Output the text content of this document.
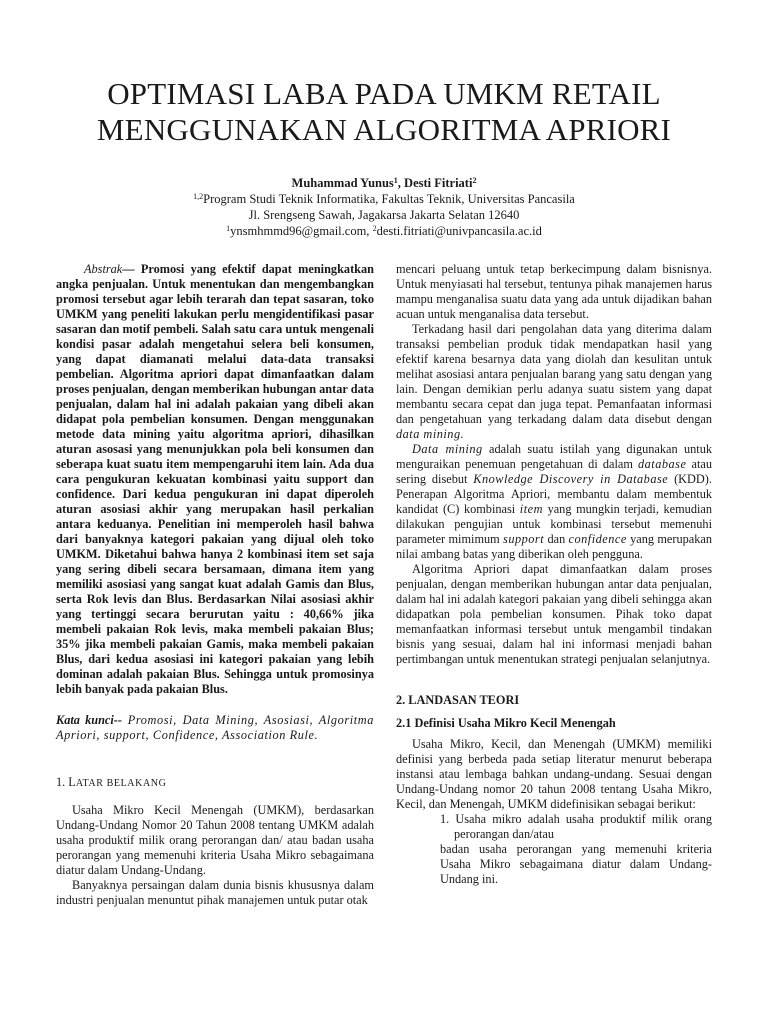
OPTIMASI LABA PADA UMKM RETAIL
MENGGUNAKAN ALGORITMA APRIORI
Muhammad Yunus$^1$, Desti Fitriati$^2$
$^{1,2}$Program Studi Teknik Informatika, Fakultas Teknik, Universitas Pancasila
Jl. Srengseng Sawah, Jagakarsa Jakarta Selatan 12640
$^1$ynsmhmmd96@gmail.com, $^2$desti.fitriati@univpancasila.ac.id

Abstrak— Promosi yang efektif dapat meningkatkan angka penjualan. Untuk menentukan dan mengembangkan promosi tersebut agar lebih terarah dan tepat sasaran, toko UMKM yang peneliti lakukan perlu mengidentifikasi pasar sasaran dan motif pembeli. Salah satu cara untuk mengenali kondisi pasar adalah mengetahui selera beli konsumen, yang dapat diamanati melalui data-data transaksi pembelian. Algoritma apriori dapat dimanfaatkan dalam proses penjualan, dengan memberikan hubungan antar data penjualan, dalam hal ini adalah pakaian yang dibeli akan didapat pola pembelian konsumen. Dengan menggunakan metode data mining yaitu algoritma apriori, dihasilkan aturan asosasi yang menunjukkan pola beli konsumen dan seberapa kuat suatu item mempengaruhi item lain. Ada dua cara pengukuran kekuatan kombinasi yaitu support dan confidence. Dari kedua pengukuran ini dapat diperoleh aturan asosiasi akhir yang merupakan hasil perkalian antara keduanya. Penelitian ini memperoleh hasil bahwa dari banyaknya kategori pakaian yang dijual oleh toko UMKM. Diketahui bahwa hanya 2 kombinasi item set saja yang sering dibeli secara bersamaan, dimana item yang memiliki asosiasi yang sangat kuat adalah Gamis dan Blus, serta Rok levis dan Blus. Berdasarkan Nilai asosiasi akhir yang tertinggi secara berurutan yaitu : 40,66% jika membeli pakaian Rok levis, maka membeli pakaian Blus; 35% jika membeli pakaian Gamis, maka membeli pakaian Blus, dari kedua asosiasi ini kategori pakaian yang lebih dominan adalah pakaian Blus. Sehingga untuk promosinya lebih banyak pada pakaian Blus.

Kata kunci-- Promosi, Data Mining, Asosiasi, Algoritma Apriori, support, Confidence, Association Rule.

1. LATAR BELAKANG

Usaha Mikro Kecil Menengah (UMKM), berdasarkan Undang-Undang Nomor 20 Tahun 2008 tentang UMKM adalah usaha produktif milik orang perorangan dan/ atau badan usaha perorangan yang memenuhi kriteria Usaha Mikro sebagaimana diatur dalam Undang-Undang.

Banyaknya persaingan dalam dunia bisnis khususnya dalam industri penjualan menuntut pihak manajemen untuk putar otak

mencari peluang untuk tetap berkecimpung dalam bisnisnya. Untuk menyiasati hal tersebut, tentunya pihak manajemen harus mampu menganalisa suatu data yang ada untuk dijadikan bahan acuan untuk menganalisa data tersebut.

Terkadang hasil dari pengolahan data yang diterima dalam transaksi pembelian produk tidak mendapatkan hasil yang efektif karena besarnya data yang diolah dan kesulitan untuk melihat asosiasi antara penjualan barang yang satu dengan yang lain. Dengan demikian perlu adanya suatu sistem yang dapat membantu secara cepat dan juga tepat. Pemanfaatan informasi dan pengetahuan yang terkadang dalam data disebut dengan data mining.

Data mining adalah suatu istilah yang digunakan untuk menguraikan penemuan pengetahuan di dalam database atau sering disebut Knowledge Discovery in Database (KDD). Penerapan Algoritma Apriori, membantu dalam membentuk kandidat (C) kombinasi item yang mungkin terjadi, kemudian dilakukan pengujian untuk kombinasi tersebut memenuhi parameter mimimum support dan confidence yang merupakan nilai ambang batas yang diberikan oleh pengguna.

Algoritma Apriori dapat dimanfaatkan dalam proses penjualan, dengan memberikan hubungan antar data penjualan, dalam hal ini adalah kategori pakaian yang dibeli sehingga akan didapatkan pola pembelian konsumen. Pihak toko dapat memanfaatkan informasi tersebut untuk mengambil tindakan bisnis yang sesuai, dalam hal ini informasi menjadi bahan pertimbangan untuk menentukan strategi penjualan selanjutnya.

2. LANDASAN TEORI

2.1 Definisi Usaha Mikro Kecil Menengah

Usaha Mikro, Kecil, dan Menengah (UMKM) memiliki definisi yang berbeda pada setiap literatur menurut beberapa instansi atau lembaga bahkan undang-undang. Sesuai dengan Undang-Undang nomor 20 tahun 2008 tentang Usaha Mikro, Kecil, dan Menengah, UMKM didefinisikan sebagai berikut:

1. Usaha mikro adalah usaha produktif milik orang perorangan dan/atau

badan usaha perorangan yang memenuhi kriteria Usaha Mikro sebagaimana diatur dalam Undang-Undang ini.
